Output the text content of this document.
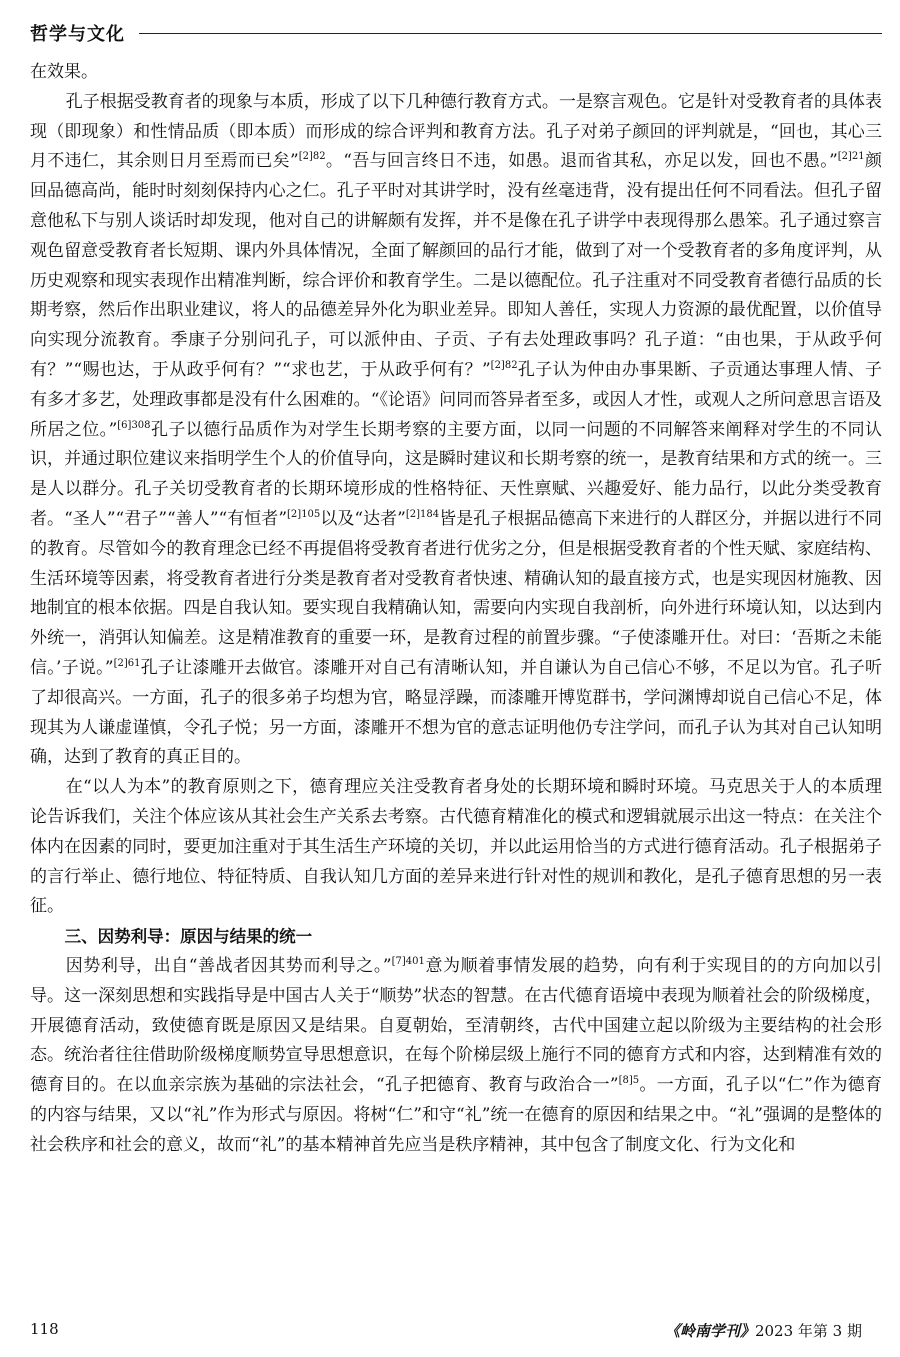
哲学与文化

在效果。

孔子根据受教育者的现象与本质，形成了以下几种德行教育方式。一是察言观色。它是针对受教育者的具体表现（即现象）和性情品质（即本质）而形成的综合评判和教育方法。孔子对弟子颜回的评判就是，“回也，其心三月不违仁，其余则日月至焉而已矣”$^{[2]82}$。“吾与回言终日不违，如愚。退而省其私，亦足以发，回也不愚。”$^{[2]21}$颜回品德高尚，能时时刻刻保持内心之仁。孔子平时对其讲学时，没有丝毫违背，没有提出任何不同看法。但孔子留意他私下与别人谈话时却发现，他对自己的讲解颇有发挥，并不是像在孔子讲学中表现得那么愚笨。孔子通过察言观色留意受教育者长短期、课内外具体情况，全面了解颜回的品行才能，做到了对一个受教育者的多角度评判，从历史观察和现实表现作出精准判断，综合评价和教育学生。二是以德配位。孔子注重对不同受教育者德行品质的长期考察，然后作出职业建议，将人的品德差异外化为职业差异。即知人善任，实现人力资源的最优配置，以价值导向实现分流教育。季康子分别问孔子，可以派仲由、子贡、子有去处理政事吗？孔子道：“由也果，于从政乎何有？”“赐也达，于从政乎何有？”“求也艺，于从政乎何有？”$^{[2]82}$孔子认为仲由办事果断、子贡通达事理人情、子有多才多艺，处理政事都是没有什么困难的。“《论语》问同而答异者至多，或因人才性，或观人之所问意思言语及所居之位。”$^{[6]308}$孔子以德行品质作为对学生长期考察的主要方面，以同一问题的不同解答来阐释对学生的不同认识，并通过职位建议来指明学生个人的价值导向，这是瞬时建议和长期考察的统一，是教育结果和方式的统一。三是人以群分。孔子关切受教育者的长期环境形成的性格特征、天性禀赋、兴趣爱好、能力品行，以此分类受教育者。“圣人”“君子”“善人”“有恒者”$^{[2]105}$以及“达者”$^{[2]184}$皆是孔子根据品德高下来进行的人群区分，并据以进行不同的教育。尽管如今的教育理念已经不再提倡将受教育者进行优劣之分，但是根据受教育者的个性天赋、家庭结构、生活环境等因素，将受教育者进行分类是教育者对受教育者快速、精确认知的最直接方式，也是实现因材施教、因地制宜的根本依据。四是自我认知。要实现自我精确认知，需要向内实现自我剖析，向外进行环境认知，以达到内外统一，消弭认知偏差。这是精准教育的重要一环，是教育过程的前置步骤。“子使漆雕开仕。对曰：‘吾斯之未能信。’子说。”$^{[2]61}$孔子让漆雕开去做官。漆雕开对自己有清晰认知，并自谦认为自己信心不够，不足以为官。孔子听了却很高兴。一方面，孔子的很多弟子均想为官，略显浮躁，而漆雕开博览群书，学问渊博却说自己信心不足，体现其为人谦虚谨慎，令孔子悦；另一方面，漆雕开不想为官的意志证明他仍专注学问，而孔子认为其对自己认知明确，达到了教育的真正目的。

在“以人为本”的教育原则之下，德育理应关注受教育者身处的长期环境和瞬时环境。马克思关于人的本质理论告诉我们，关注个体应该从其社会生产关系去考察。古代德育精准化的模式和逻辑就展示出这一特点：在关注个体内在因素的同时，要更加注重对于其生活生产环境的关切，并以此运用恰当的方式进行德育活动。孔子根据弟子的言行举止、德行地位、特征特质、自我认知几方面的差异来进行针对性的规训和教化，是孔子德育思想的另一表征。

三、因势利导：原因与结果的统一

因势利导，出自“善战者因其势而利导之。”$^{[7]401}$意为顺着事情发展的趋势，向有利于实现目的的方向加以引导。这一深刻思想和实践指导是中国古人关于“顺势”状态的智慧。在古代德育语境中表现为顺着社会的阶级梯度，开展德育活动，致使德育既是原因又是结果。自夏朝始，至清朝终，古代中国建立起以阶级为主要结构的社会形态。统治者往往借助阶级梯度顺势宣导思想意识，在每个阶梯层级上施行不同的德育方式和内容，达到精准有效的德育目的。在以血亲宗族为基础的宗法社会，“孔子把德育、教育与政治合一”$^{[8]5}$。一方面，孔子以“仁”作为德育的内容与结果，又以“礼”作为形式与原因。将树“仁”和守“礼”统一在德育的原因和结果之中。“礼”强调的是整体的社会秩序和社会的意义，故而“礼”的基本精神首先应当是秩序精神，其中包含了制度文化、行为文化和

118	《岭南学刊》2023 年第 3 期
